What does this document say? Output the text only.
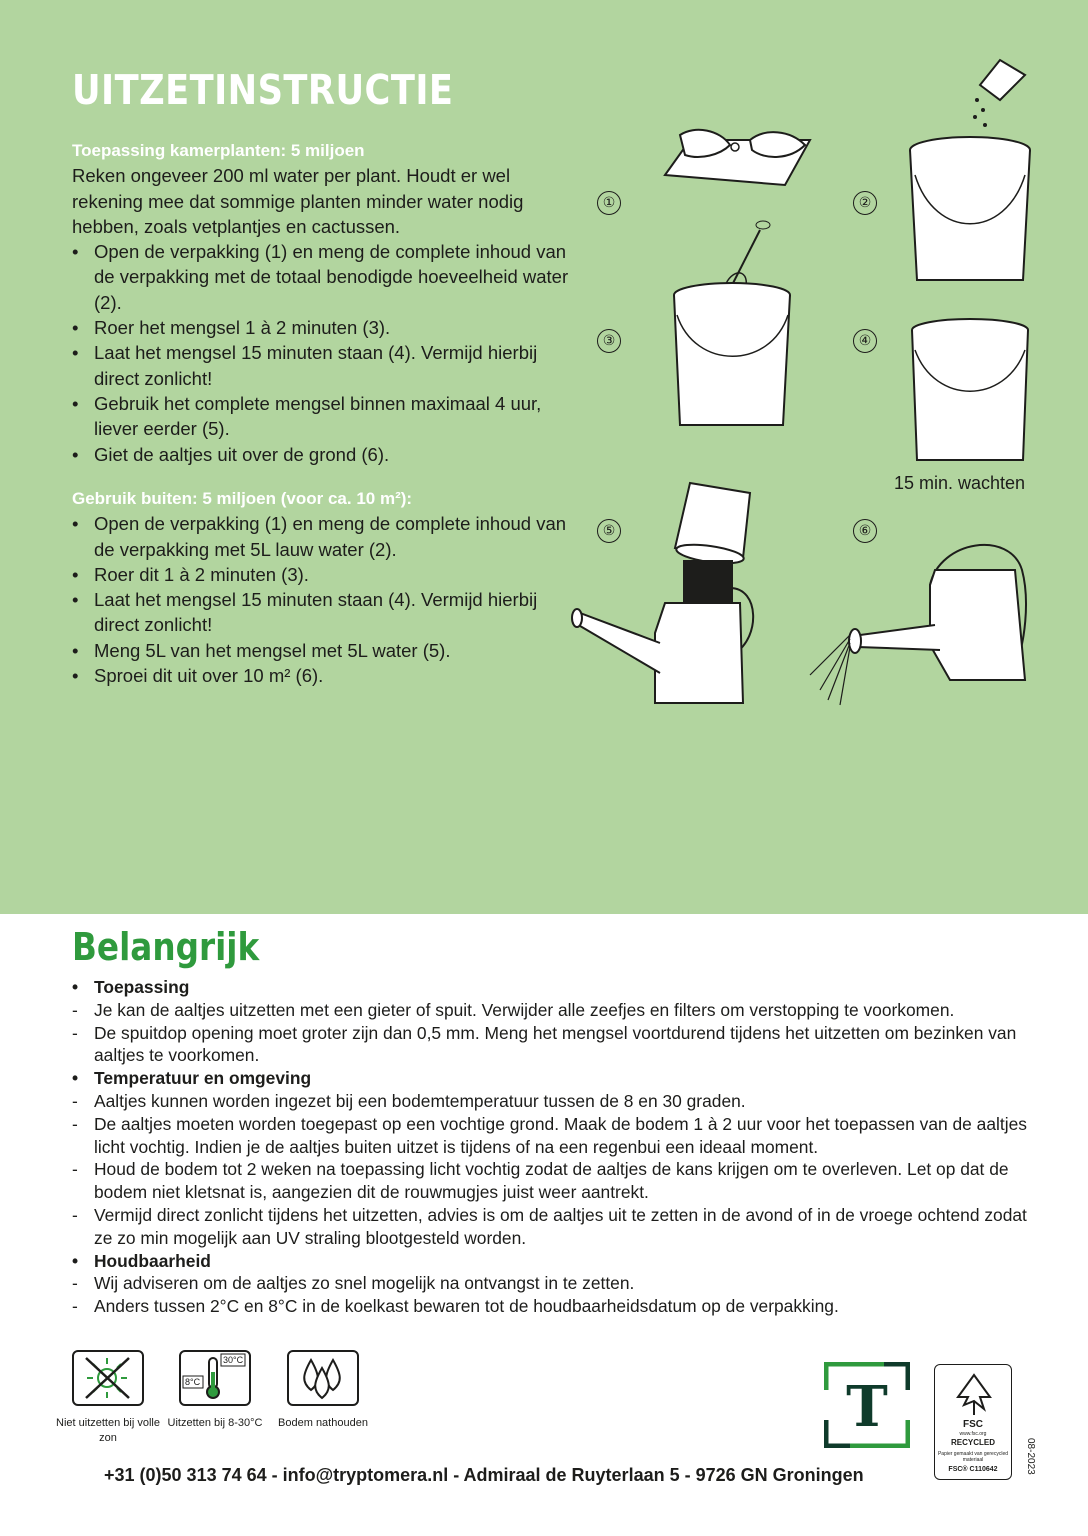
UITZETINSTRUCTIE
Toepassing kamerplanten: 5 miljoen
Reken ongeveer 200 ml water per plant. Houdt er wel rekening mee dat sommige planten minder water nodig hebben, zoals vetplantjes en cactussen.
• Open de verpakking (1) en meng de complete inhoud van de verpakking met de totaal benodigde hoeveelheid water (2).
• Roer het mengsel 1 à 2 minuten (3).
• Laat het mengsel 15 minuten staan (4). Vermijd hierbij direct zonlicht!
• Gebruik het complete mengsel binnen maximaal 4 uur, liever eerder (5).
• Giet de aaltjes uit over de grond (6).
Gebruik buiten: 5 miljoen (voor ca. 10 m²):
• Open de verpakking (1) en meng de complete inhoud van de verpakking met 5L lauw water (2).
• Roer dit 1 à 2 minuten (3).
• Laat het mengsel 15 minuten staan (4). Vermijd hierbij direct zonlicht!
• Meng 5L van het mengsel met 5L water (5).
• Sproei dit uit over 10 m² (6).
①	②
③	④
⑤	⑥
15 min. wachten
Belangrijk
• Toepassing
- Je kan de aaltjes uitzetten met een gieter of spuit. Verwijder alle zeefjes en filters om verstopping te voorkomen.
- De spuitdop opening moet groter zijn dan 0,5 mm. Meng het mengsel voortdurend tijdens het uitzetten om bezinken van aaltjes te voorkomen.
• Temperatuur en omgeving
- Aaltjes kunnen worden ingezet bij een bodemtemperatuur tussen de 8 en 30 graden.
- De aaltjes moeten worden toegepast op een vochtige grond. Maak de bodem 1 à 2 uur voor het toepassen van de aaltjes licht vochtig. Indien je de aaltjes buiten uitzet is tijdens of na een regenbui een ideaal moment.
- Houd de bodem tot 2 weken na toepassing licht vochtig zodat de aaltjes de kans krijgen om te overleven. Let op dat de bodem niet kletsnat is, aangezien dit de rouwmugjes juist weer aantrekt.
- Vermijd direct zonlicht tijdens het uitzetten, advies is om de aaltjes uit te zetten in de avond of in de vroege ochtend zodat ze zo min mogelijk aan UV straling blootgesteld worden.
• Houdbaarheid
- Wij adviseren om de aaltjes zo snel mogelijk na ontvangst in te zetten.
- Anders tussen 2°C en 8°C in de koelkast bewaren tot de houdbaarheidsdatum op de verpakking.
Niet uitzetten bij volle zon
30°C
8°C
Uitzetten bij 8-30°C	Bodem nathouden	T	FSC
www.fsc.org
RECYCLED
Papier gemaakt van gerecycled materiaal
FSC® C110642	08-2023
+31 (0)50 313 74 64 - info@tryptomera.nl - Admiraal de Ruyterlaan 5 - 9726 GN Groningen
